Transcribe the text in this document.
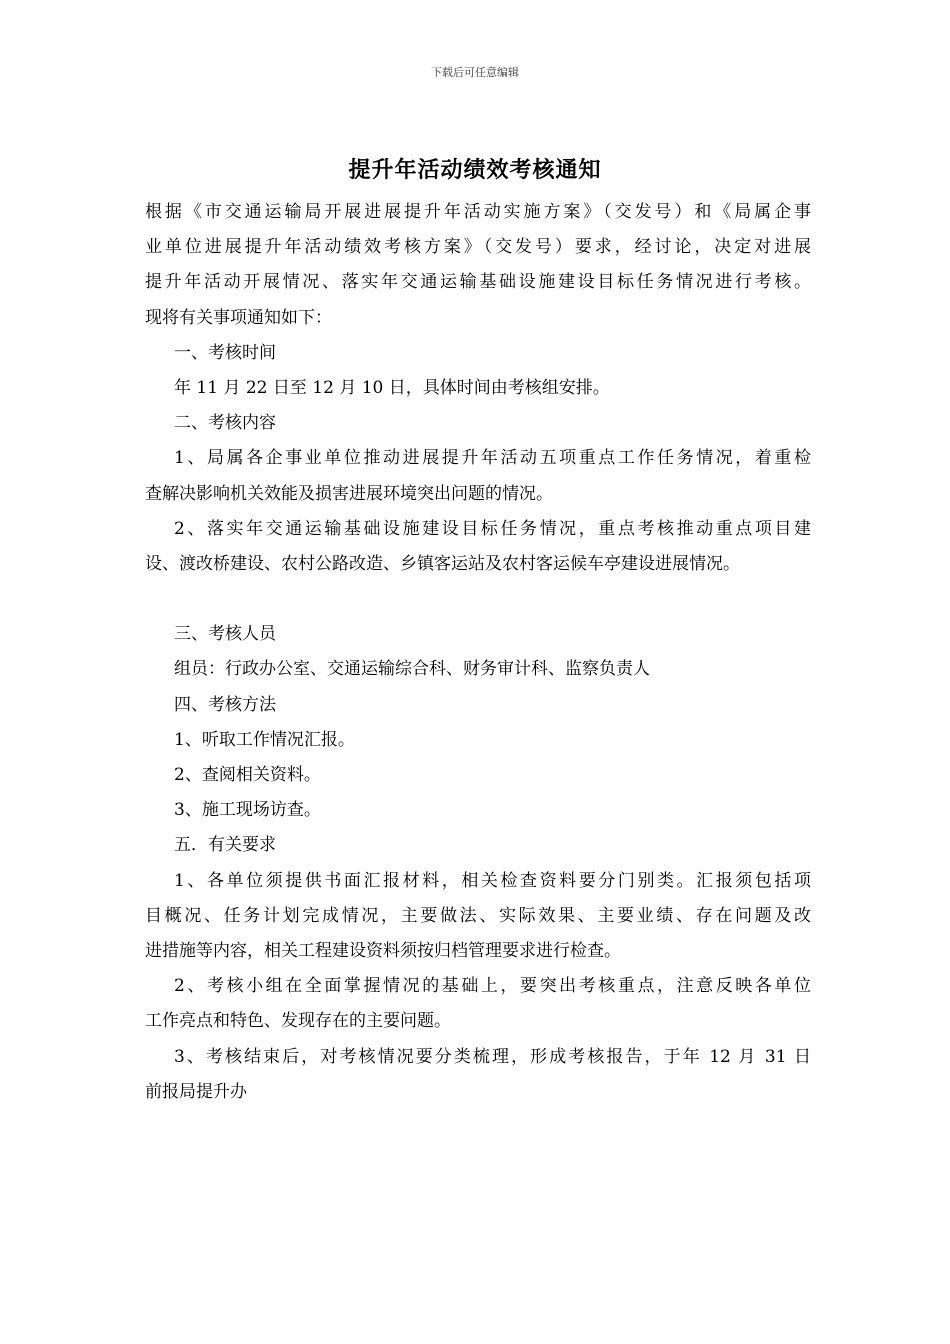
下载后可任意编辑
提升年活动绩效考核通知
根据《市交通运输局开展进展提升年活动实施方案》（交发号）和《局属企事
业单位进展提升年活动绩效考核方案》（交发号）要求，经讨论，决定对进展
提升年活动开展情况、落实年交通运输基础设施建设目标任务情况进行考核。
现将有关事项通知如下：
一、考核时间
年 11 月 22 日至 12 月 10 日，具体时间由考核组安排。
二、考核内容
1、局属各企事业单位推动进展提升年活动五项重点工作任务情况，着重检
查解决影响机关效能及损害进展环境突出问题的情况。
2、落实年交通运输基础设施建设目标任务情况，重点考核推动重点项目建
设、渡改桥建设、农村公路改造、乡镇客运站及农村客运候车亭建设进展情况。
三、考核人员
组员：行政办公室、交通运输综合科、财务审计科、监察负责人
四、考核方法
1、听取工作情况汇报。
2、查阅相关资料。
3、施工现场访查。
五．有关要求
1、各单位须提供书面汇报材料，相关检查资料要分门别类。汇报须包括项
目概况、任务计划完成情况，主要做法、实际效果、主要业绩、存在问题及改
进措施等内容，相关工程建设资料须按归档管理要求进行检查。
2、考核小组在全面掌握情况的基础上，要突出考核重点，注意反映各单位
工作亮点和特色、发现存在的主要问题。
3、考核结束后，对考核情况要分类梳理，形成考核报告，于年 12 月 31 日
前报局提升办
